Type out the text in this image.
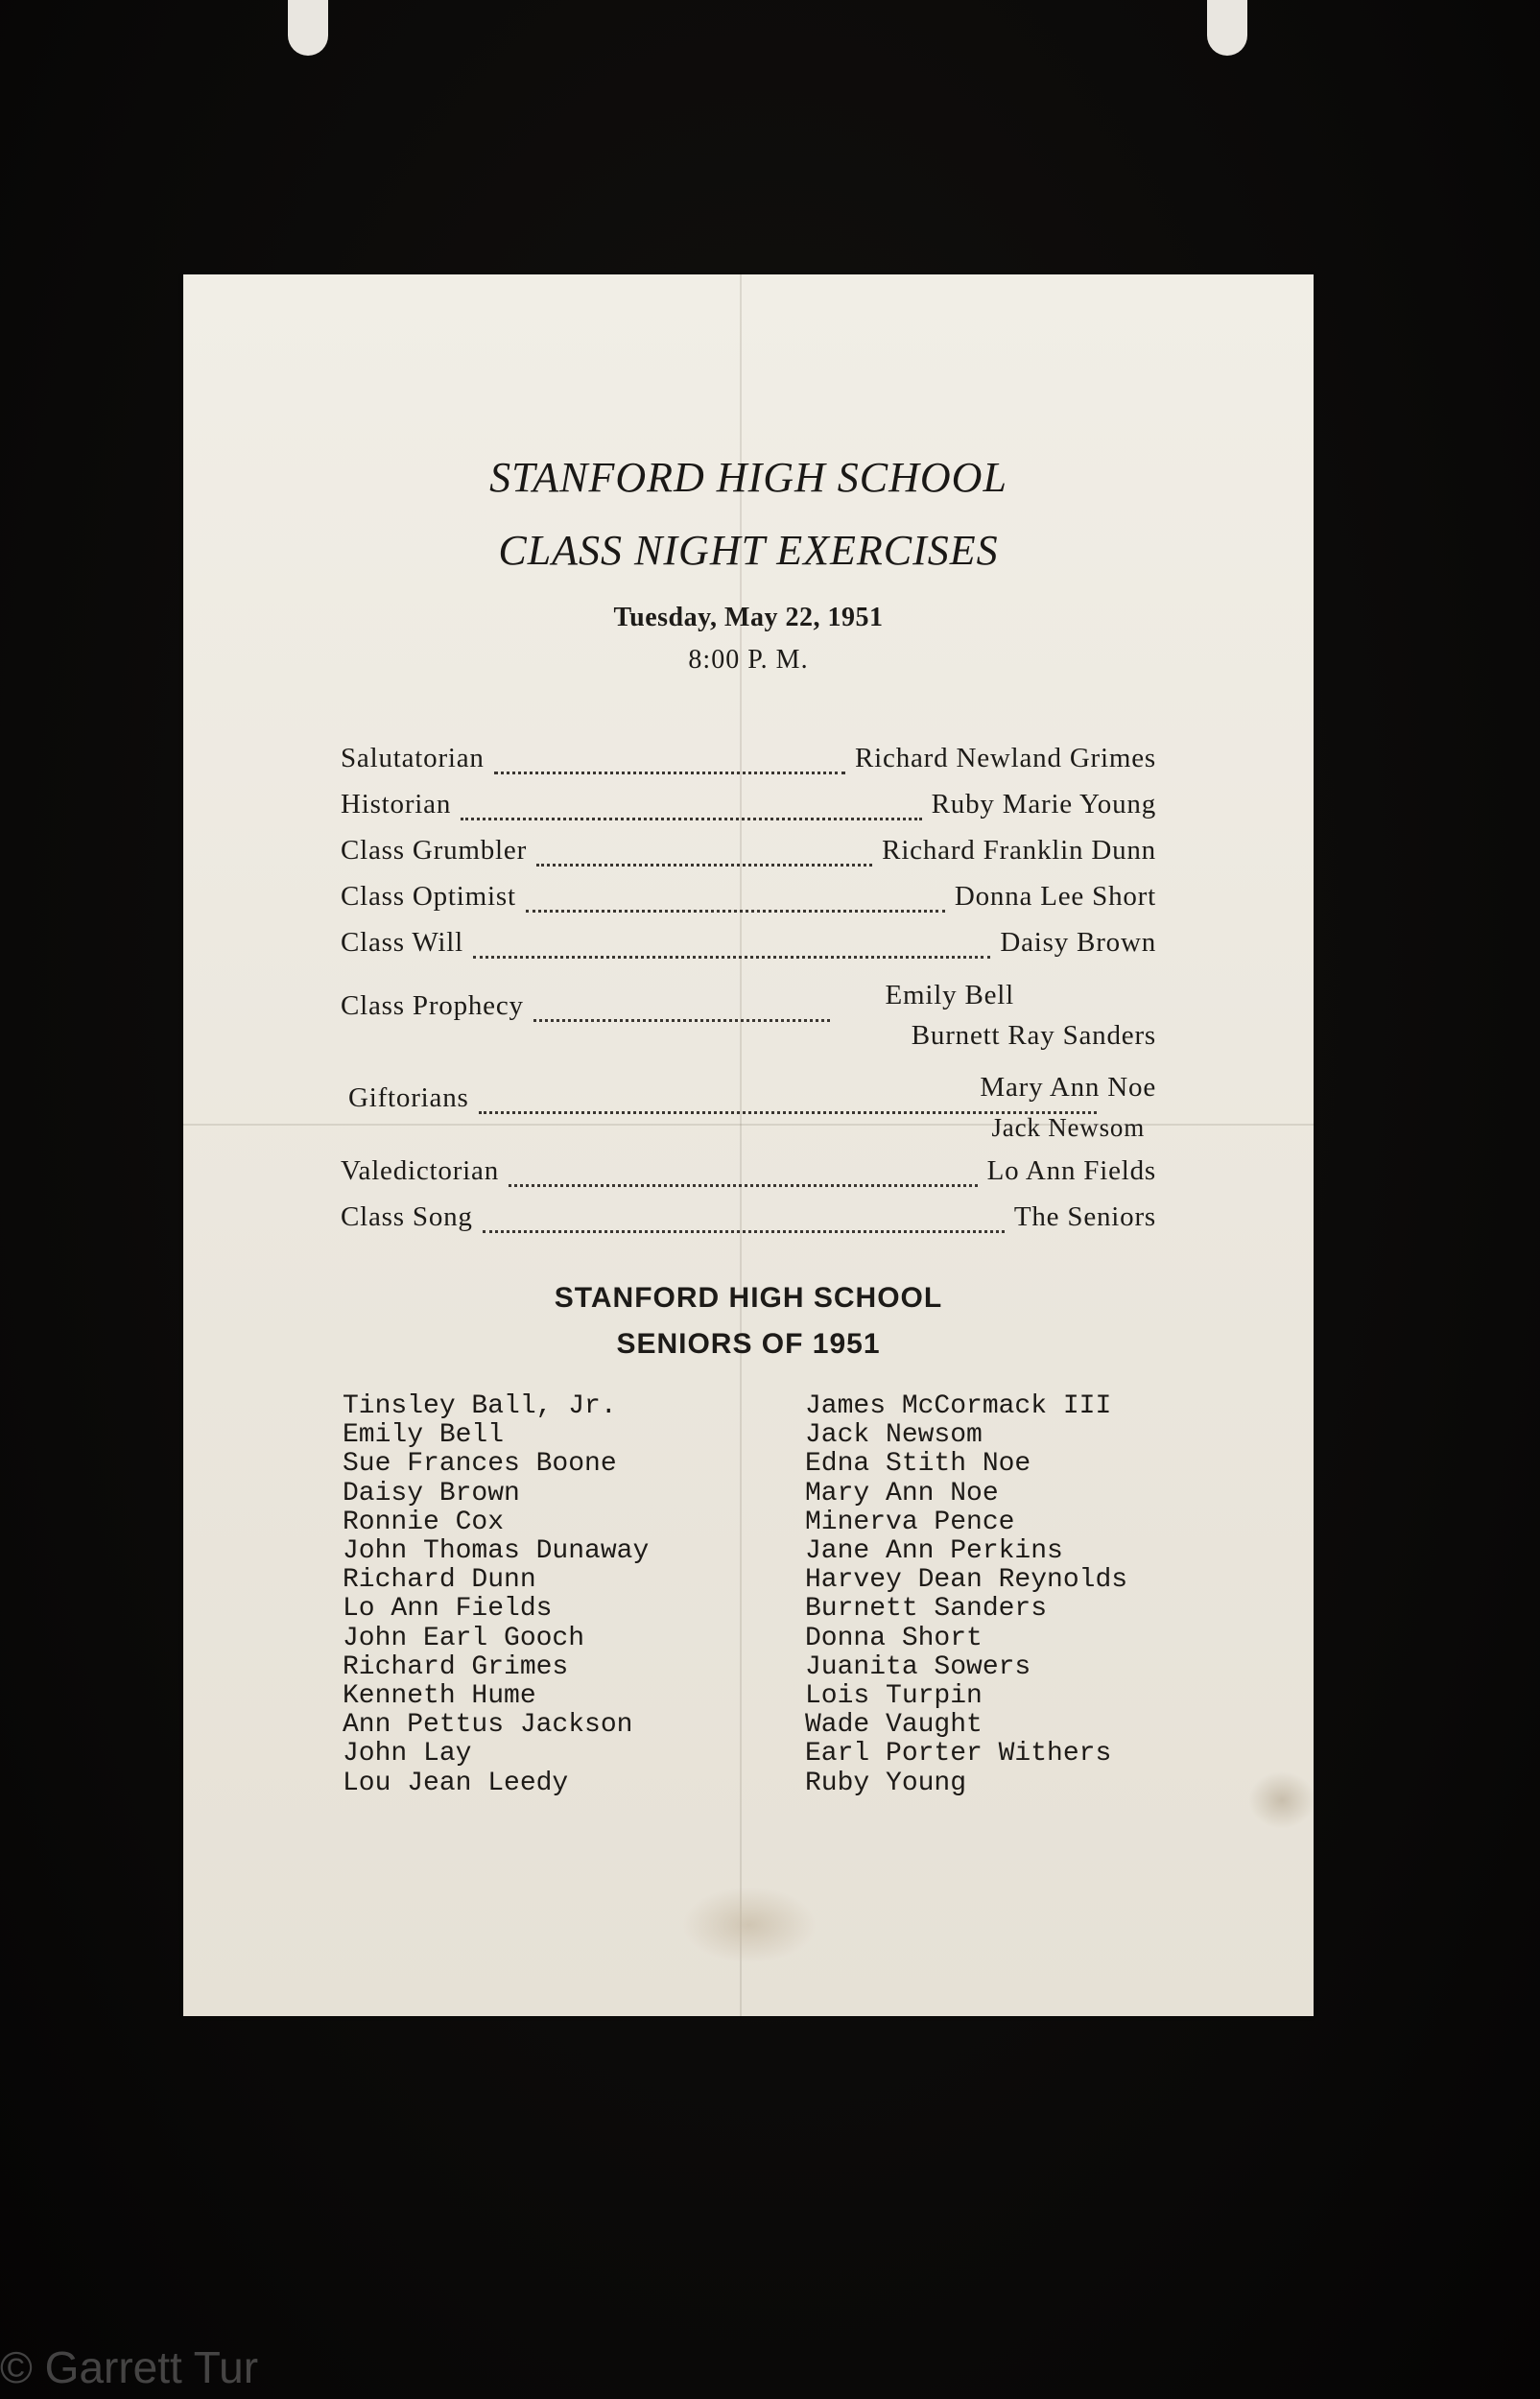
STANFORD HIGH SCHOOL
CLASS NIGHT EXERCISES
Tuesday, May 22, 1951
8:00 P. M.
Salutatorian	Richard Newland Grimes
Historian	Ruby Marie Young
Class Grumbler	Richard Franklin Dunn
Class Optimist	Donna Lee Short
Class Will	Daisy Brown
Class Prophecy	Emily Bell
Burnett Ray Sanders
Giftorians	Mary Ann Noe
Jack Newsom
Valedictorian	Lo Ann Fields
Class Song	The Seniors
STANFORD HIGH SCHOOL
SENIORS OF 1951
Tinsley Ball, Jr.
Emily Bell
Sue Frances Boone
Daisy Brown
Ronnie Cox
John Thomas Dunaway
Richard Dunn
Lo Ann Fields
John Earl Gooch
Richard Grimes
Kenneth Hume
Ann Pettus Jackson
John Lay
Lou Jean Leedy
James McCormack III
Jack Newsom
Edna Stith Noe
Mary Ann Noe
Minerva Pence
Jane Ann Perkins
Harvey Dean Reynolds
Burnett Sanders
Donna Short
Juanita Sowers
Lois Turpin
Wade Vaught
Earl Porter Withers
Ruby Young
© Garrett Tur
